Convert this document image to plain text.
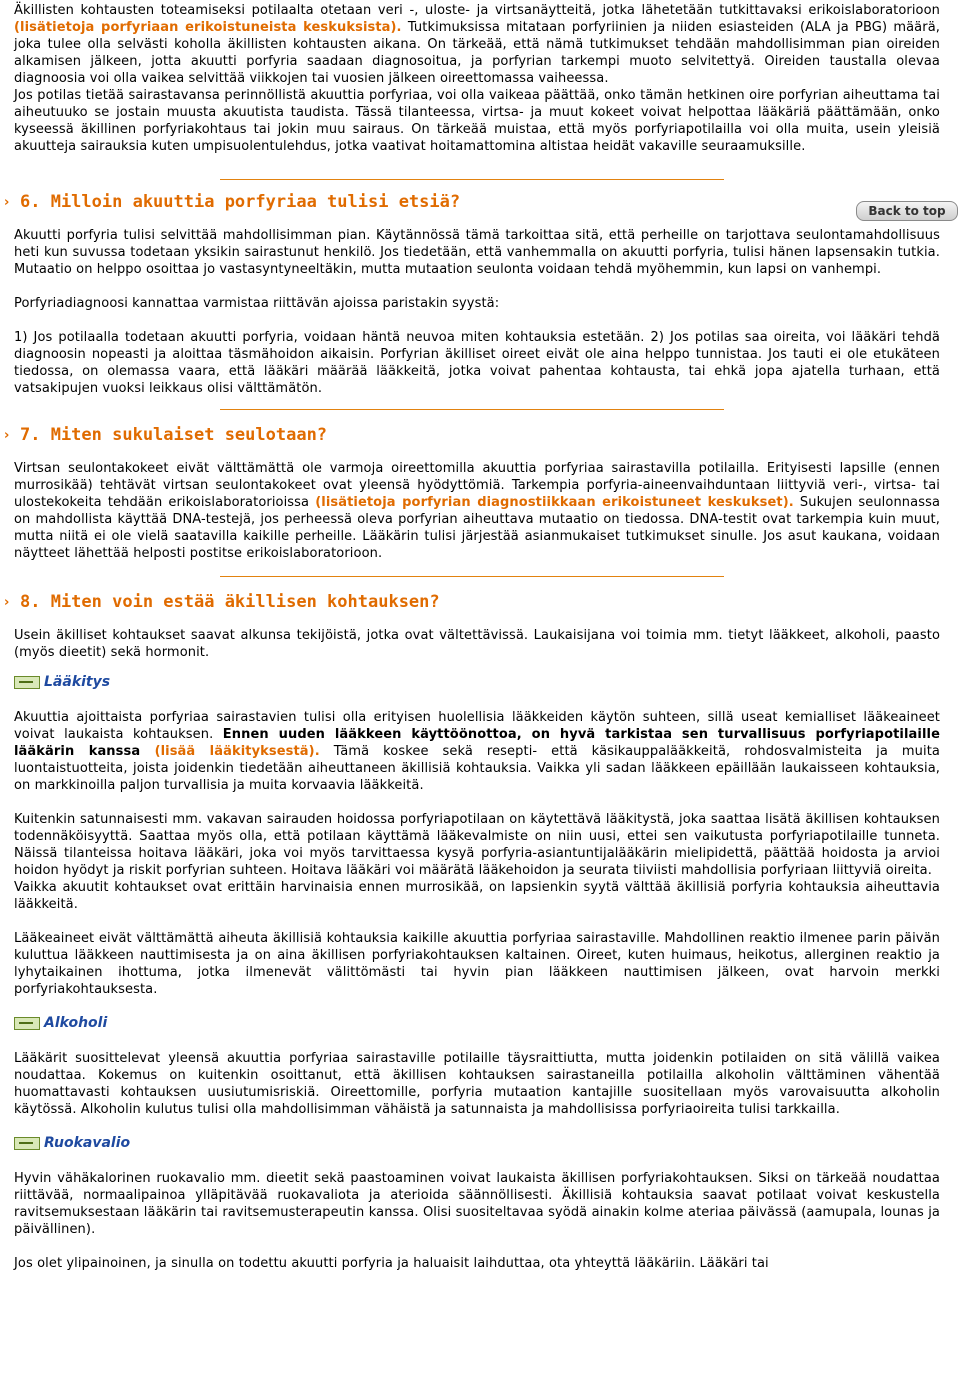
Äkillisten kohtausten toteamiseksi potilaalta otetaan veri -, uloste- ja virtsanäytteitä, jotka lähetetään tutkittavaksi erikoislaboratorioon (lisätietoja porfyriaan erikoistuneista keskuksista). Tutkimuksissa mitataan porfyriinien ja niiden esiasteiden (ALA ja PBG) määrä, joka tulee olla selvästi koholla äkillisten kohtausten aikana. On tärkeää, että nämä tutkimukset tehdään mahdollisimman pian oireiden alkamisen jälkeen, jotta akuutti porfyria saadaan diagnosoitua, ja porfyrian tarkempi muoto selvitettyä. Oireiden taustalla olevaa diagnoosia voi olla vaikea selvittää viikkojen tai vuosien jälkeen oireettomassa vaiheessa.

Jos potilas tietää sairastavansa perinnöllistä akuuttia porfyriaa, voi olla vaikeaa päättää, onko tämän hetkinen oire porfyrian aiheuttama tai aiheutuuko se jostain muusta akuutista taudista. Tässä tilanteessa, virtsa- ja muut kokeet voivat helpottaa lääkäriä päättämään, onko kyseessä äkillinen porfyriakohtaus tai jokin muu sairaus. On tärkeää muistaa, että myös porfyriapotilailla voi olla muita, usein yleisiä akuutteja sairauksia kuten umpisuolentulehdus, jotka vaativat hoitamattomina altistaa heidät vakaville seuraamuksille.

› 6. Milloin akuuttia porfyriaa tulisi etsiä?

Akuutti porfyria tulisi selvittää mahdollisimman pian. Käytännössä tämä tarkoittaa sitä, että perheille on tarjottava seulontamahdollisuus heti kun suvussa todetaan yksikin sairastunut henkilö. Jos tiedetään, että vanhemmalla on akuutti porfyria, tulisi hänen lapsensakin tutkia. Mutaatio on helppo osoittaa jo vastasyntyneeltäkin, mutta mutaation seulonta voidaan tehdä myöhemmin, kun lapsi on vanhempi.

Porfyriadiagnoosi kannattaa varmistaa riittävän ajoissa paristakin syystä:

1) Jos potilaalla todetaan akuutti porfyria, voidaan häntä neuvoa miten kohtauksia estetään. 2) Jos potilas saa oireita, voi lääkäri tehdä diagnoosin nopeasti ja aloittaa täsmähoidon aikaisin. Porfyrian äkilliset oireet eivät ole aina helppo tunnistaa. Jos tauti ei ole etukäteen tiedossa, on olemassa vaara, että lääkäri määrää lääkkeitä, jotka voivat pahentaa kohtausta, tai ehkä jopa ajatella turhaan, että vatsakipujen vuoksi leikkaus olisi välttämätön.

› 7. Miten sukulaiset seulotaan?

Virtsan seulontakokeet eivät välttämättä ole varmoja oireettomilla akuuttia porfyriaa sairastavilla potilailla. Erityisesti lapsille (ennen murrosikää) tehtävät virtsan seulontakokeet ovat yleensä hyödyttömiä. Tarkempia porfyria-aineenvaihduntaan liittyviä veri-, virtsa- tai ulostekokeita tehdään erikoislaboratorioissa (lisätietoja porfyrian diagnostiikkaan erikoistuneet keskukset). Sukujen seulonnassa on mahdollista käyttää DNA-testejä, jos perheessä oleva porfyrian aiheuttava mutaatio on tiedossa. DNA-testit ovat tarkempia kuin muut, mutta niitä ei ole vielä saatavilla kaikille perheille. Lääkärin tulisi järjestää asianmukaiset tutkimukset sinulle. Jos asut kaukana, voidaan näytteet lähettää helposti postitse erikoislaboratorioon.

› 8. Miten voin estää äkillisen kohtauksen?

Usein äkilliset kohtaukset saavat alkunsa tekijöistä, jotka ovat vältettävissä. Laukaisijana voi toimia mm. tietyt lääkkeet, alkoholi, paasto (myös dieetit) sekä hormonit.

Lääkitys

Akuuttia ajoittaista porfyriaa sairastavien tulisi olla erityisen huolellisia lääkkeiden käytön suhteen, sillä useat kemialliset lääkeaineet voivat laukaista kohtauksen. Ennen uuden lääkkeen käyttöönottoa, on hyvä tarkistaa sen turvallisuus porfyriapotilaille lääkärin kanssa (lisää lääkityksestä). Tämä koskee sekä resepti- että käsikauppalääkkeitä, rohdosvalmisteita ja muita luontaistuotteita, joista joidenkin tiedetään aiheuttaneen äkillisiä kohtauksia. Vaikka yli sadan lääkkeen epäillään laukaisseen kohtauksia, on markkinoilla paljon turvallisia ja muita korvaavia lääkkeitä.

Kuitenkin satunnaisesti mm. vakavan sairauden hoidossa porfyriapotilaan on käytettävä lääkitystä, joka saattaa lisätä äkillisen kohtauksen todennäköisyyttä. Saattaa myös olla, että potilaan käyttämä lääkevalmiste on niin uusi, ettei sen vaikutusta porfyriapotilaille tunneta. Näissä tilanteissa hoitava lääkäri, joka voi myös tarvittaessa kysyä porfyria-asiantuntijalääkärin mielipidettä, päättää hoidosta ja arvioi hoidon hyödyt ja riskit porfyrian suhteen. Hoitava lääkäri voi määrätä lääkehoidon ja seurata tiiviisti mahdollisia porfyriaan liittyviä oireita.

Vaikka akuutit kohtaukset ovat erittäin harvinaisia ennen murrosikää, on lapsienkin syytä välttää äkillisiä porfyria kohtauksia aiheuttavia lääkkeitä.

Lääkeaineet eivät välttämättä aiheuta äkillisiä kohtauksia kaikille akuuttia porfyriaa sairastaville. Mahdollinen reaktio ilmenee parin päivän kuluttua lääkkeen nauttimisesta ja on aina äkillisen porfyriakohtauksen kaltainen. Oireet, kuten huimaus, heikotus, allerginen reaktio ja lyhytaikainen ihottuma, jotka ilmenevät välittömästi tai hyvin pian lääkkeen nauttimisen jälkeen, ovat harvoin merkki porfyriakohtauksesta.

Alkoholi

Lääkärit suosittelevat yleensä akuuttia porfyriaa sairastaville potilaille täysraittiutta, mutta joidenkin potilaiden on sitä välillä vaikea noudattaa. Kokemus on kuitenkin osoittanut, että äkillisen kohtauksen sairastaneilla potilailla alkoholin välttäminen vähentää huomattavasti kohtauksen uusiutumisriskiä. Oireettomille, porfyria mutaation kantajille suositellaan myös varovaisuutta alkoholin käytössä. Alkoholin kulutus tulisi olla mahdollisimman vähäistä ja satunnaista ja mahdollisissa porfyriaoireita tulisi tarkkailla.

Ruokavalio

Hyvin vähäkalorinen ruokavalio mm. dieetit sekä paastoaminen voivat laukaista äkillisen porfyriakohtauksen. Siksi on tärkeää noudattaa riittävää, normaalipainoa ylläpitävää ruokavaliota ja aterioida säännöllisesti. Äkillisiä kohtauksia saavat potilaat voivat keskustella ravitsemuksestaan lääkärin tai ravitsemusterapeutin kanssa. Olisi suositeltavaa syödä ainakin kolme ateriaa päivässä (aamupala, lounas ja päivällinen).

Jos olet ylipainoinen, ja sinulla on todettu akuutti porfyria ja haluaisit laihduttaa, ota yhteyttä lääkäriin. Lääkäri tai

Back to top
